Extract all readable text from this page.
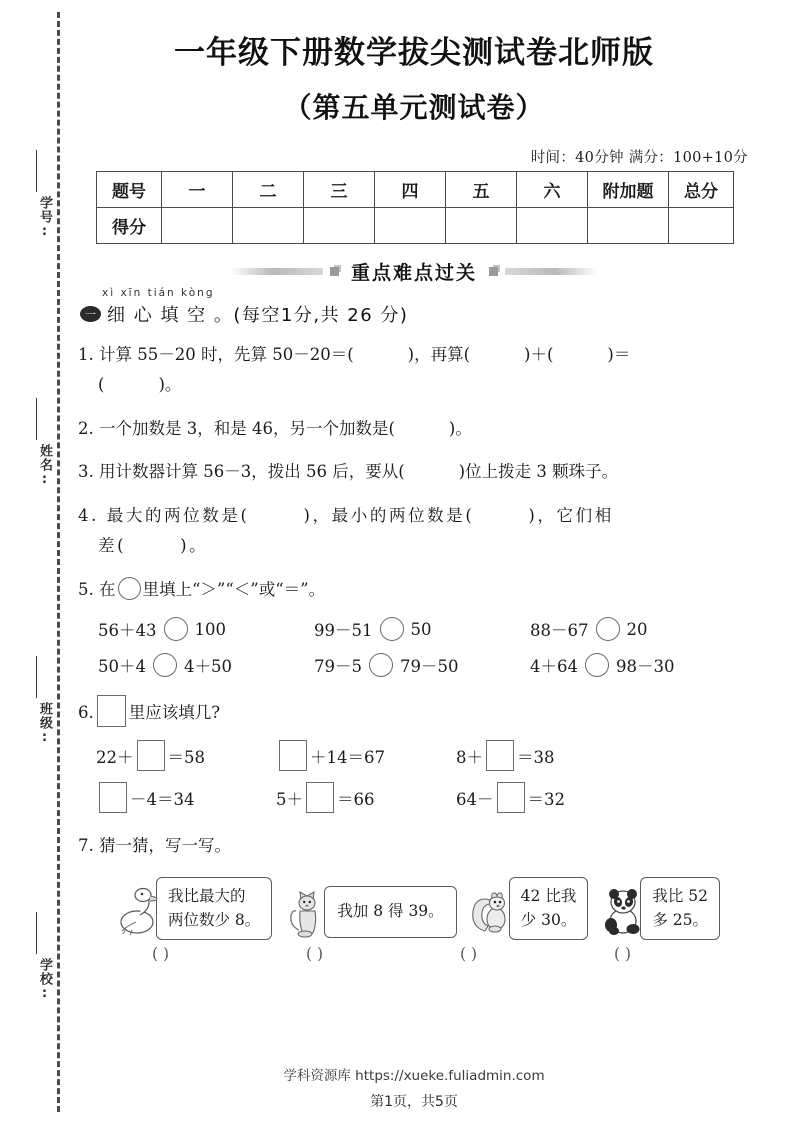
学号:
姓名:
班级:
学校:
一年级下册数学拔尖测试卷北师版
（第五单元测试卷）
时间：40分钟 满分：100+10分
题号	一	二	三	四	五	六	附加题	总分
得分								
重点难点过关
xì xīn tián kòng
一 细 心 填 空 。(每空1分,共 26 分)
1. 计算 55－20 时，先算 50－20＝(	)，再算(	)＋(	)＝
(	)。
2. 一个加数是 3，和是 46，另一个加数是(	)。
3. 用计数器计算 56－3，拨出 56 后，要从(	)位上拨走 3 颗珠子。
4. 最大的两位数是(	)，最小的两位数是(	)，它们相
差(	)。
5. 在 里填上“＞”“＜”或“＝”。
56＋43 100	99－51 50	88－67 20
50＋4 4＋50	79－5 79－50	4＋64 98－30
6. 里应该填几?
22＋ ＝58	＋14＝67	8＋ ＝38
－4＝34	5＋ ＝66	64－ ＝32
7. 猜一猜，写一写。
我比最大的
两位数少 8。	我加 8 得 39。
42 比我
少 30。
我比 52
多 25。
( )	( )	( )	( )
学科资源库 https://xueke.fuliadmin.com
第1页，共5页
